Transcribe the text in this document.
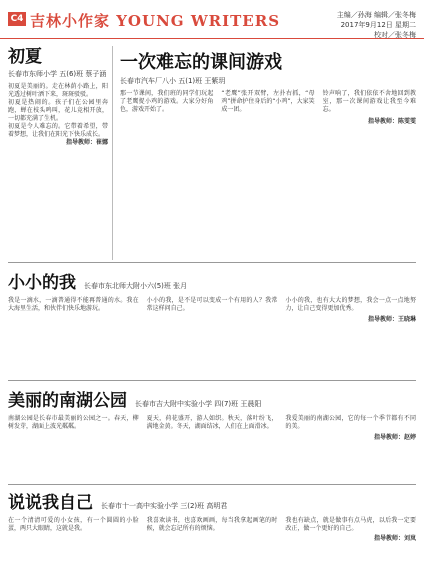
C4 吉林小作家 YOUNG WRITERS	主编／孙海 编辑／张冬梅
2017年9月12日 星期二
校对／张冬梅
初夏
长春市东师小学 五(6)班 蔡子涵
初夏是美丽的。走在林荫小路上，阳光透过树叶洒下来，斑斑驳驳。
初夏是热闹的。孩子们在公园里奔跑，蝉在枝头鸣叫，花儿竞相开放，一切都充满了生机。
初夏是令人难忘的。它带着希望，带着梦想，让我们在阳光下快乐成长。
指导教师：崔娜
一次难忘的课间游戏
长春市汽车厂八小 五(1)班 王紫玥
那一节课间，我们班的同学们玩起了老鹰捉小鸡的游戏。大家分好角色，游戏开始了。
“老鹰”张开双臂，左扑右抓，“母鸡”拼命护住身后的“小鸡”，大家笑成一团。
铃声响了，我们依依不舍地回到教室，那一次课间游戏让我至今难忘。
指导教师：陈雯雯
小小的我 长春市东北师大附小六(5)班 张月
我是一滴水，一滴普通得不能再普通的水。我在大海里生活，和伙伴们快乐地游玩。
小小的我，是不是可以变成一个有用的人？我常常这样问自己。
小小的我，也有大大的梦想，我会一点一点地努力，让自己变得更加优秀。
指导教师：王晓琳
美丽的南湖公园 长春市吉大附中实验小学 四(7)班 王晨阳
南湖公园是长春市最美丽的公园之一。春天，柳树发芽，湖面上波光粼粼。
夏天，荷花盛开，游人如织。秋天，落叶纷飞，满地金黄。冬天，湖面结冰，人们在上面滑冰。
我爱美丽的南湖公园，它的每一个季节都有不同的美。
指导教师：赵婷
说说我自己 长春市十一高中实验小学 三(2)班 高明君
在一个清清可爱的小女孩，有一个圆圆的小脸蛋，两只大眼睛，这就是我。
我喜欢读书，也喜欢画画，每当我拿起画笔的时候，就会忘记所有的烦恼。
我也有缺点，就是做事有点马虎，以后我一定要改正，做一个更好的自己。
指导教师：刘岚
